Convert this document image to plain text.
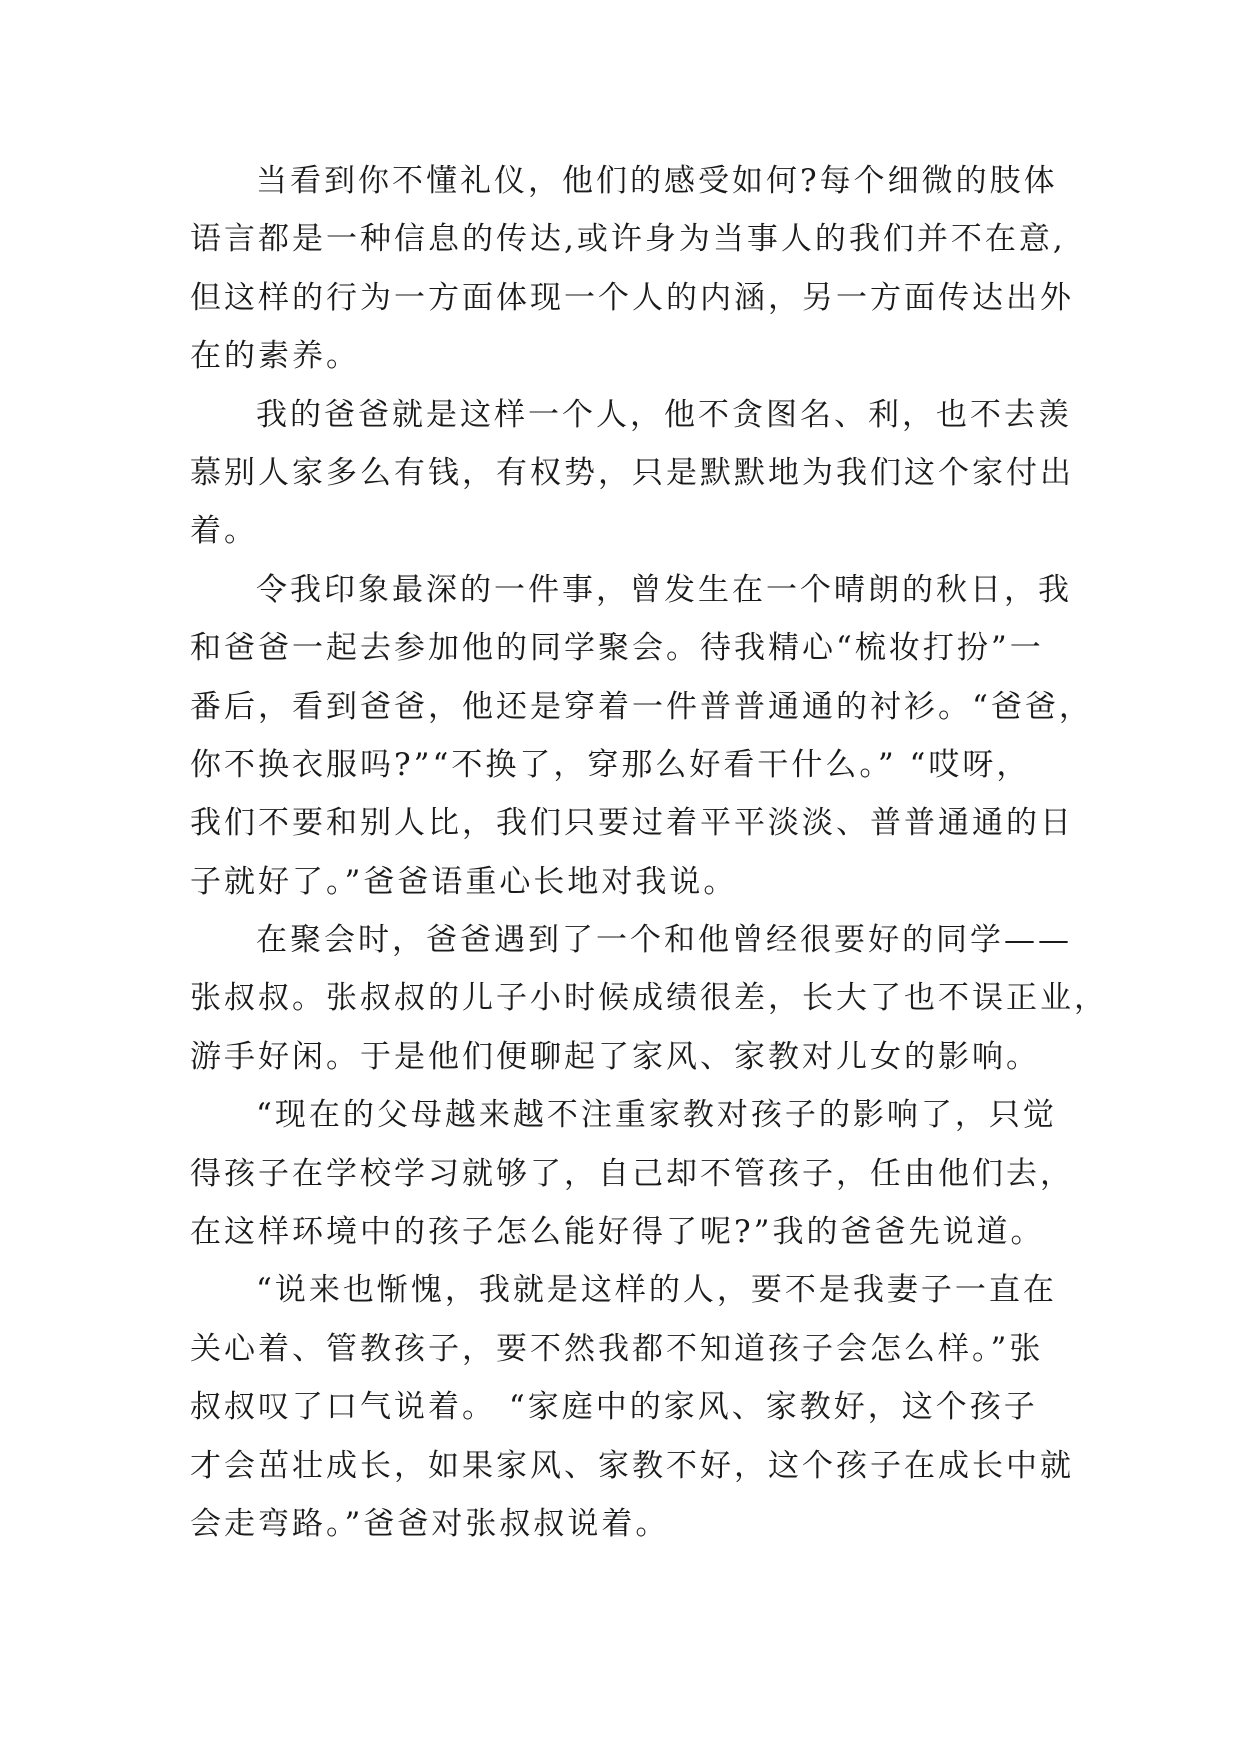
当看到你不懂礼仪，他们的感受如何?每个细微的肢体
语言都是一种信息的传达,或许身为当事人的我们并不在意,
但这样的行为一方面体现一个人的内涵，另一方面传达出外
在的素养。
我的爸爸就是这样一个人，他不贪图名、利，也不去羡
慕别人家多么有钱，有权势，只是默默地为我们这个家付出
着。
令我印象最深的一件事，曾发生在一个晴朗的秋日，我
和爸爸一起去参加他的同学聚会。待我精心“梳妆打扮”一
番后，看到爸爸，他还是穿着一件普普通通的衬衫。“爸爸，
你不换衣服吗?”“不换了，穿那么好看干什么。” “哎呀，
我们不要和别人比，我们只要过着平平淡淡、普普通通的日
子就好了。”爸爸语重心长地对我说。
在聚会时，爸爸遇到了一个和他曾经很要好的同学——
张叔叔。张叔叔的儿子小时候成绩很差，长大了也不误正业，
游手好闲。于是他们便聊起了家风、家教对儿女的影响。
“现在的父母越来越不注重家教对孩子的影响了，只觉
得孩子在学校学习就够了，自己却不管孩子，任由他们去，
在这样环境中的孩子怎么能好得了呢?”我的爸爸先说道。
“说来也惭愧，我就是这样的人，要不是我妻子一直在
关心着、管教孩子，要不然我都不知道孩子会怎么样。”张
叔叔叹了口气说着。 “家庭中的家风、家教好，这个孩子
才会茁壮成长，如果家风、家教不好，这个孩子在成长中就
会走弯路。”爸爸对张叔叔说着。
